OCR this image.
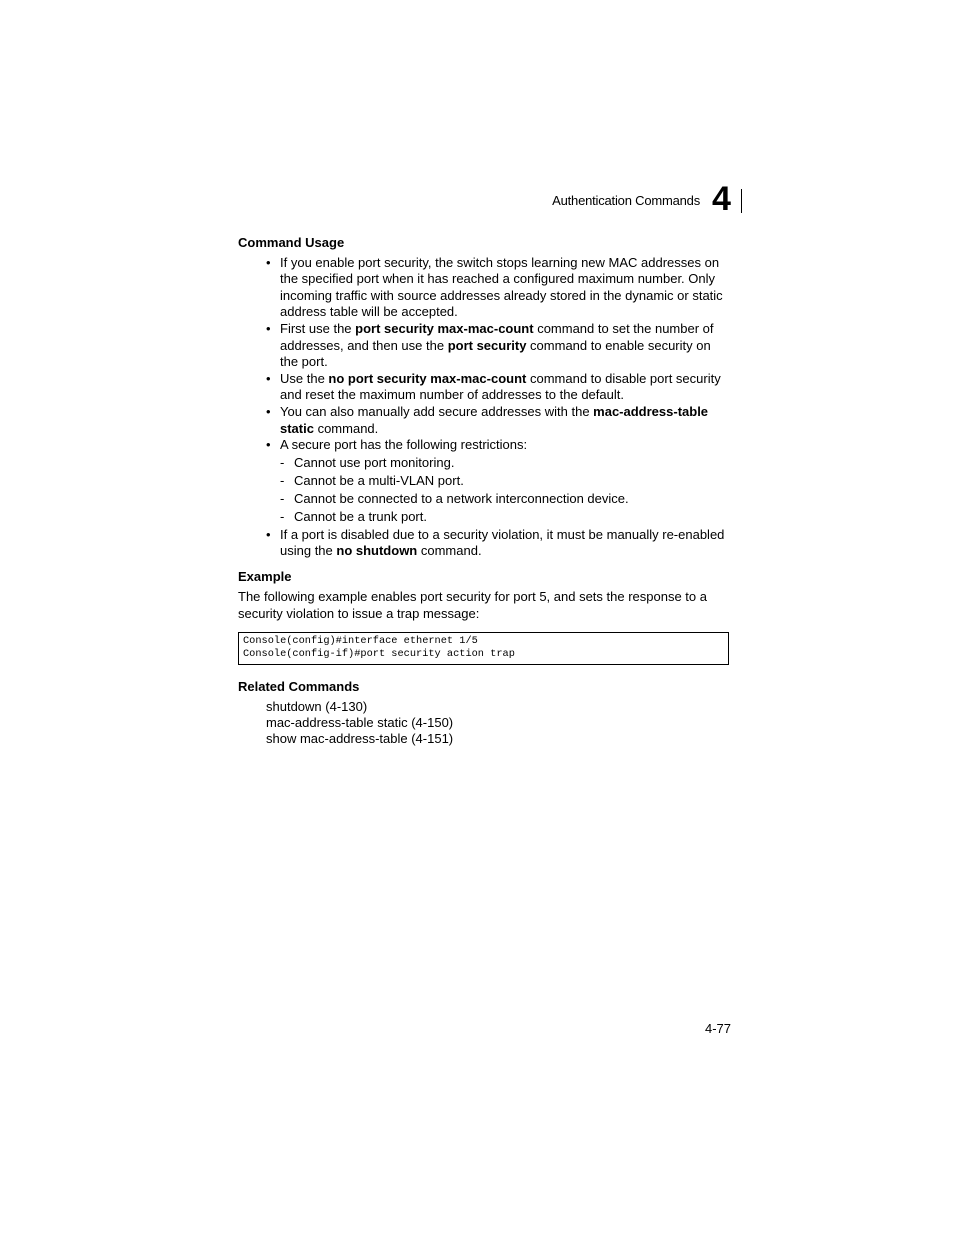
Authentication Commands 4
Command Usage
• If you enable port security, the switch stops learning new MAC addresses on the specified port when it has reached a configured maximum number. Only incoming traffic with source addresses already stored in the dynamic or static address table will be accepted.
• First use the port security max-mac-count command to set the number of addresses, and then use the port security command to enable security on the port.
• Use the no port security max-mac-count command to disable port security and reset the maximum number of addresses to the default.
• You can also manually add secure addresses with the mac-address-table static command.
• A secure port has the following restrictions:
- Cannot use port monitoring.
- Cannot be a multi-VLAN port.
- Cannot be connected to a network interconnection device.
- Cannot be a trunk port.
• If a port is disabled due to a security violation, it must be manually re-enabled using the no shutdown command.
Example

The following example enables port security for port 5, and sets the response to a security violation to issue a trap message:

Console(config)#interface ethernet 1/5
Console(config-if)#port security action trap
Related Commands
shutdown (4-130)
mac-address-table static (4-150)
show mac-address-table (4-151)
4-77
